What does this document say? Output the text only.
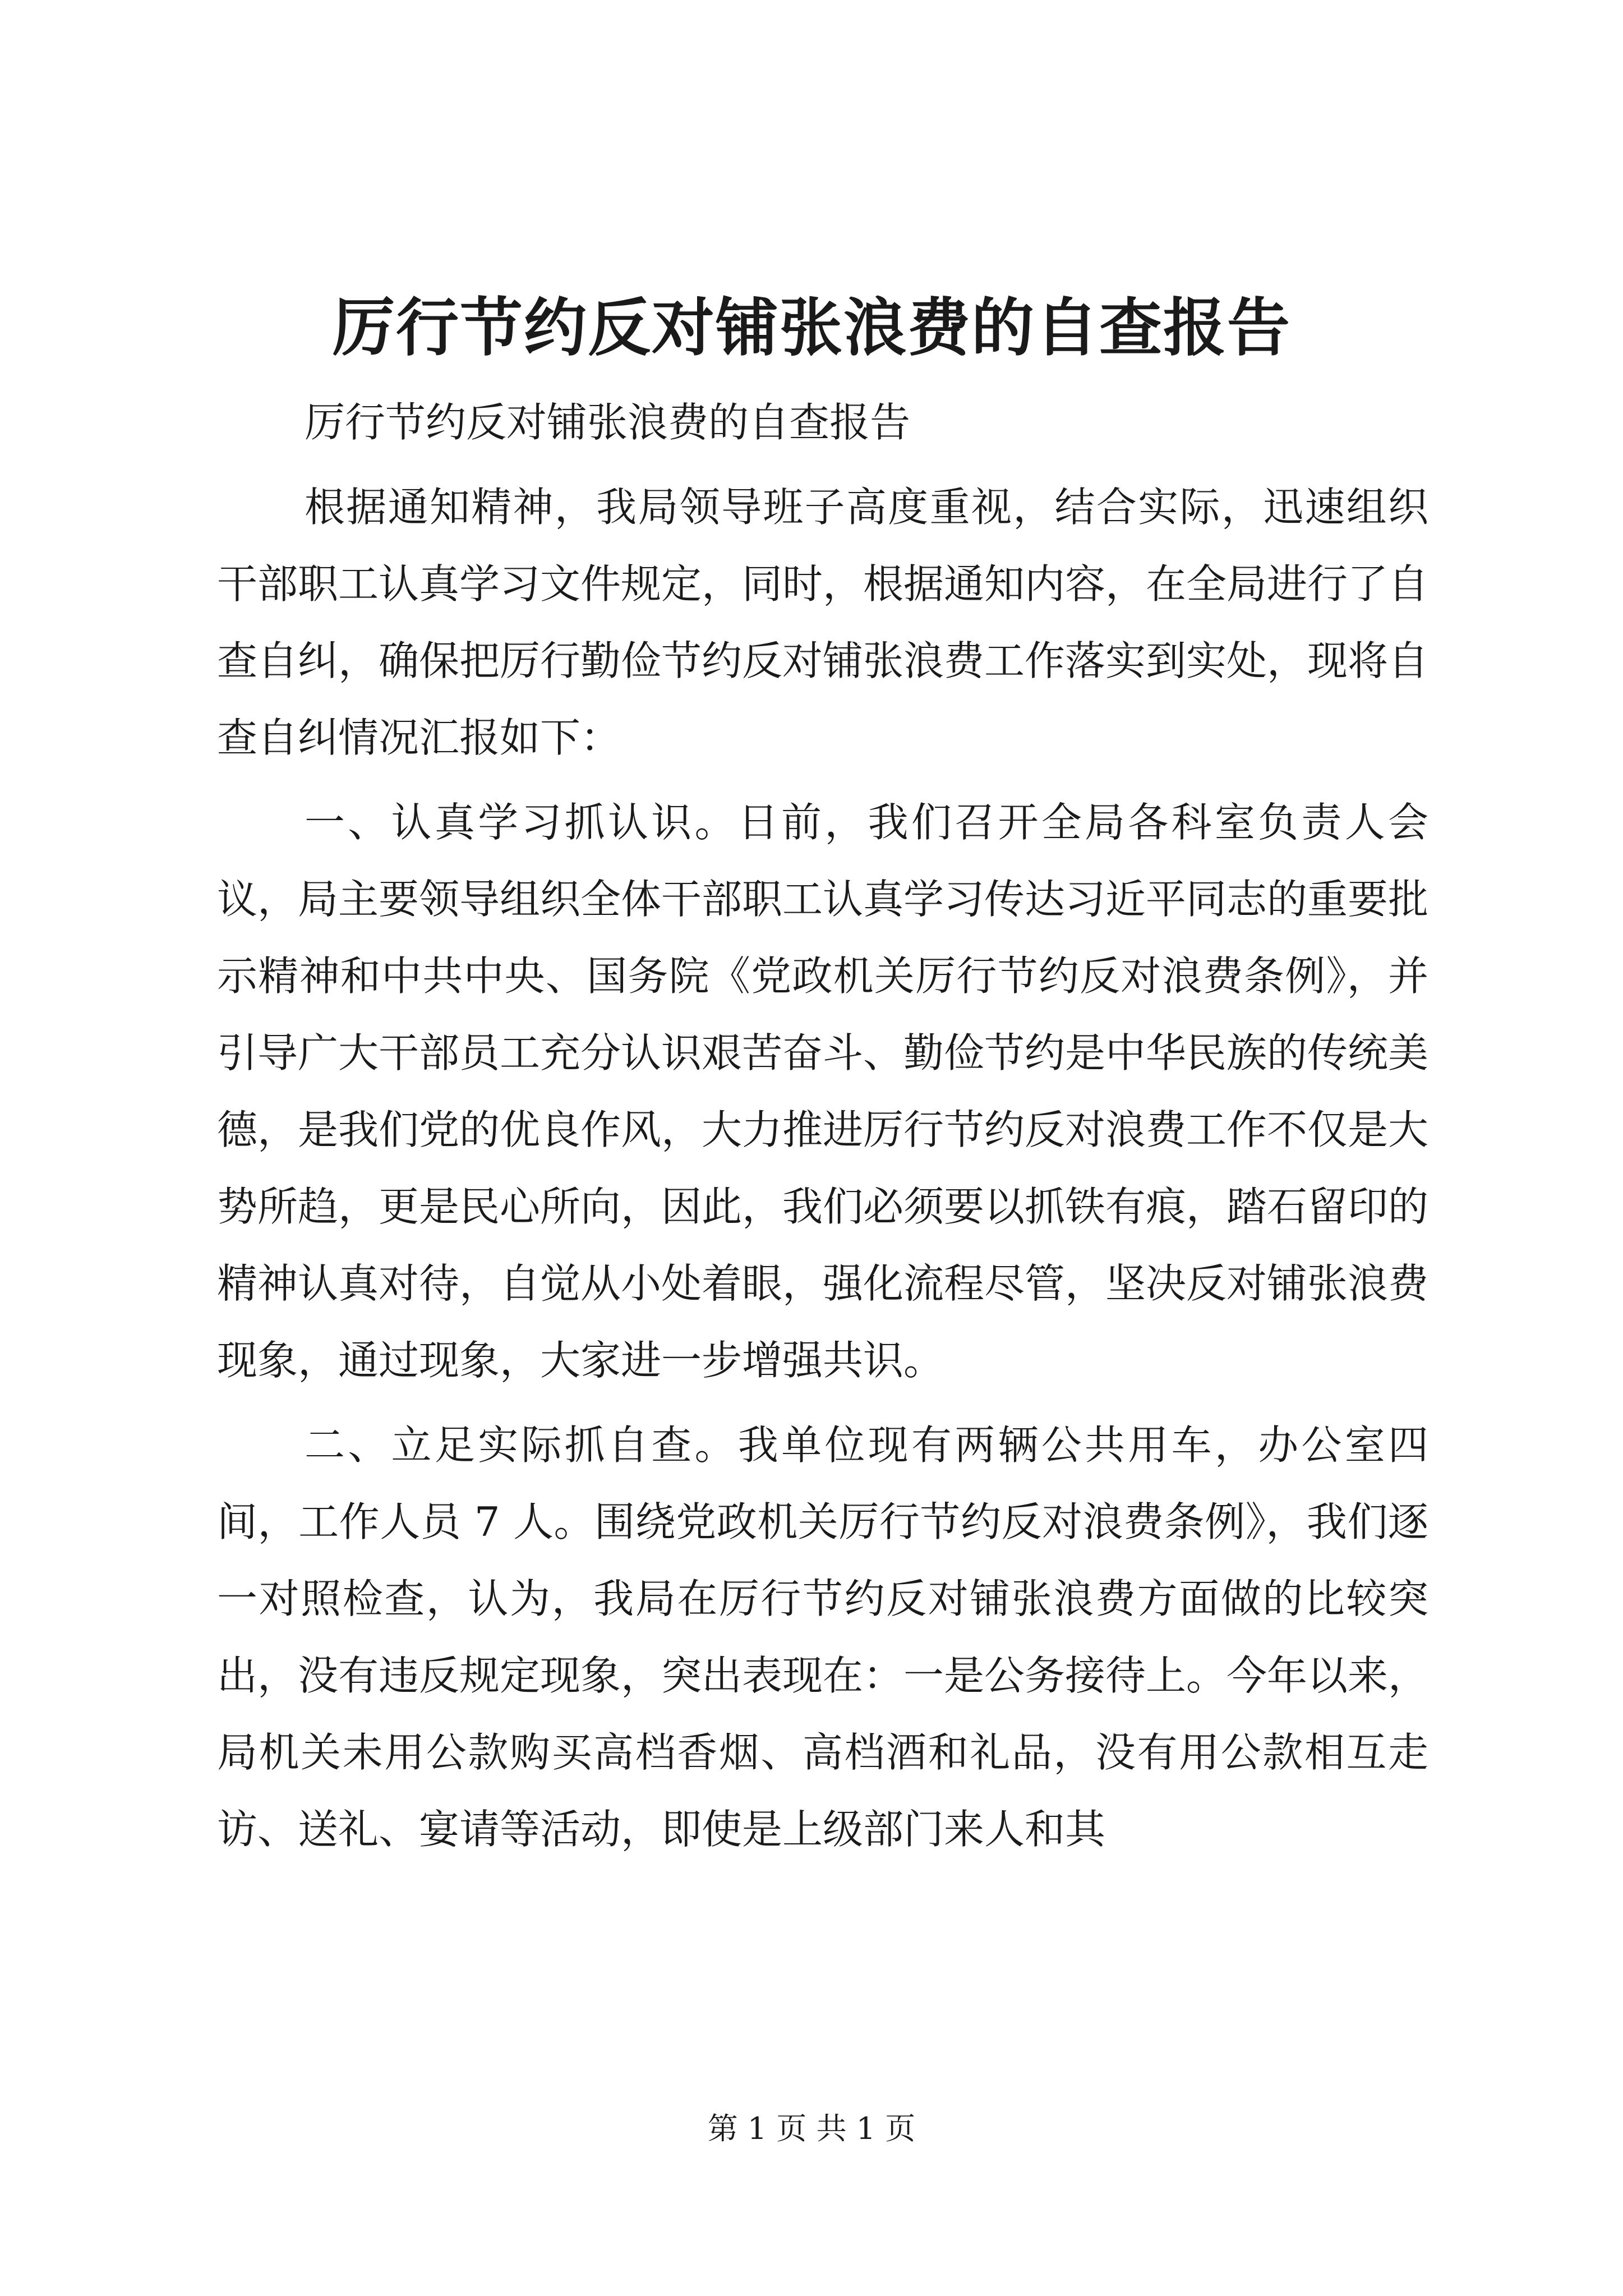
厉行节约反对铺张浪费的自查报告

厉行节约反对铺张浪费的自查报告

根据通知精神，我局领导班子高度重视，结合实际，迅速组织干部职工认真学习文件规定，同时，根据通知内容，在全局进行了自查自纠，确保把厉行勤俭节约反对铺张浪费工作落实到实处，现将自查自纠情况汇报如下：

一、认真学习抓认识。日前，我们召开全局各科室负责人会议，局主要领导组织全体干部职工认真学习传达习近平同志的重要批示精神和中共中央、国务院《党政机关厉行节约反对浪费条例》，并引导广大干部员工充分认识艰苦奋斗、勤俭节约是中华民族的传统美德，是我们党的优良作风，大力推进厉行节约反对浪费工作不仅是大势所趋，更是民心所向，因此，我们必须要以抓铁有痕，踏石留印的精神认真对待，自觉从小处着眼，强化流程尽管，坚决反对铺张浪费现象，通过现象，大家进一步增强共识。

二、立足实际抓自查。我单位现有两辆公共用车，办公室四间，工作人员 7 人。围绕党政机关厉行节约反对浪费条例》，我们逐一对照检查，认为，我局在厉行节约反对铺张浪费方面做的比较突出，没有违反规定现象，突出表现在：一是公务接待上。今年以来，局机关未用公款购买高档香烟、高档酒和礼品，没有用公款相互走访、送礼、宴请等活动，即使是上级部门来人和其

第 1 页 共 1 页
